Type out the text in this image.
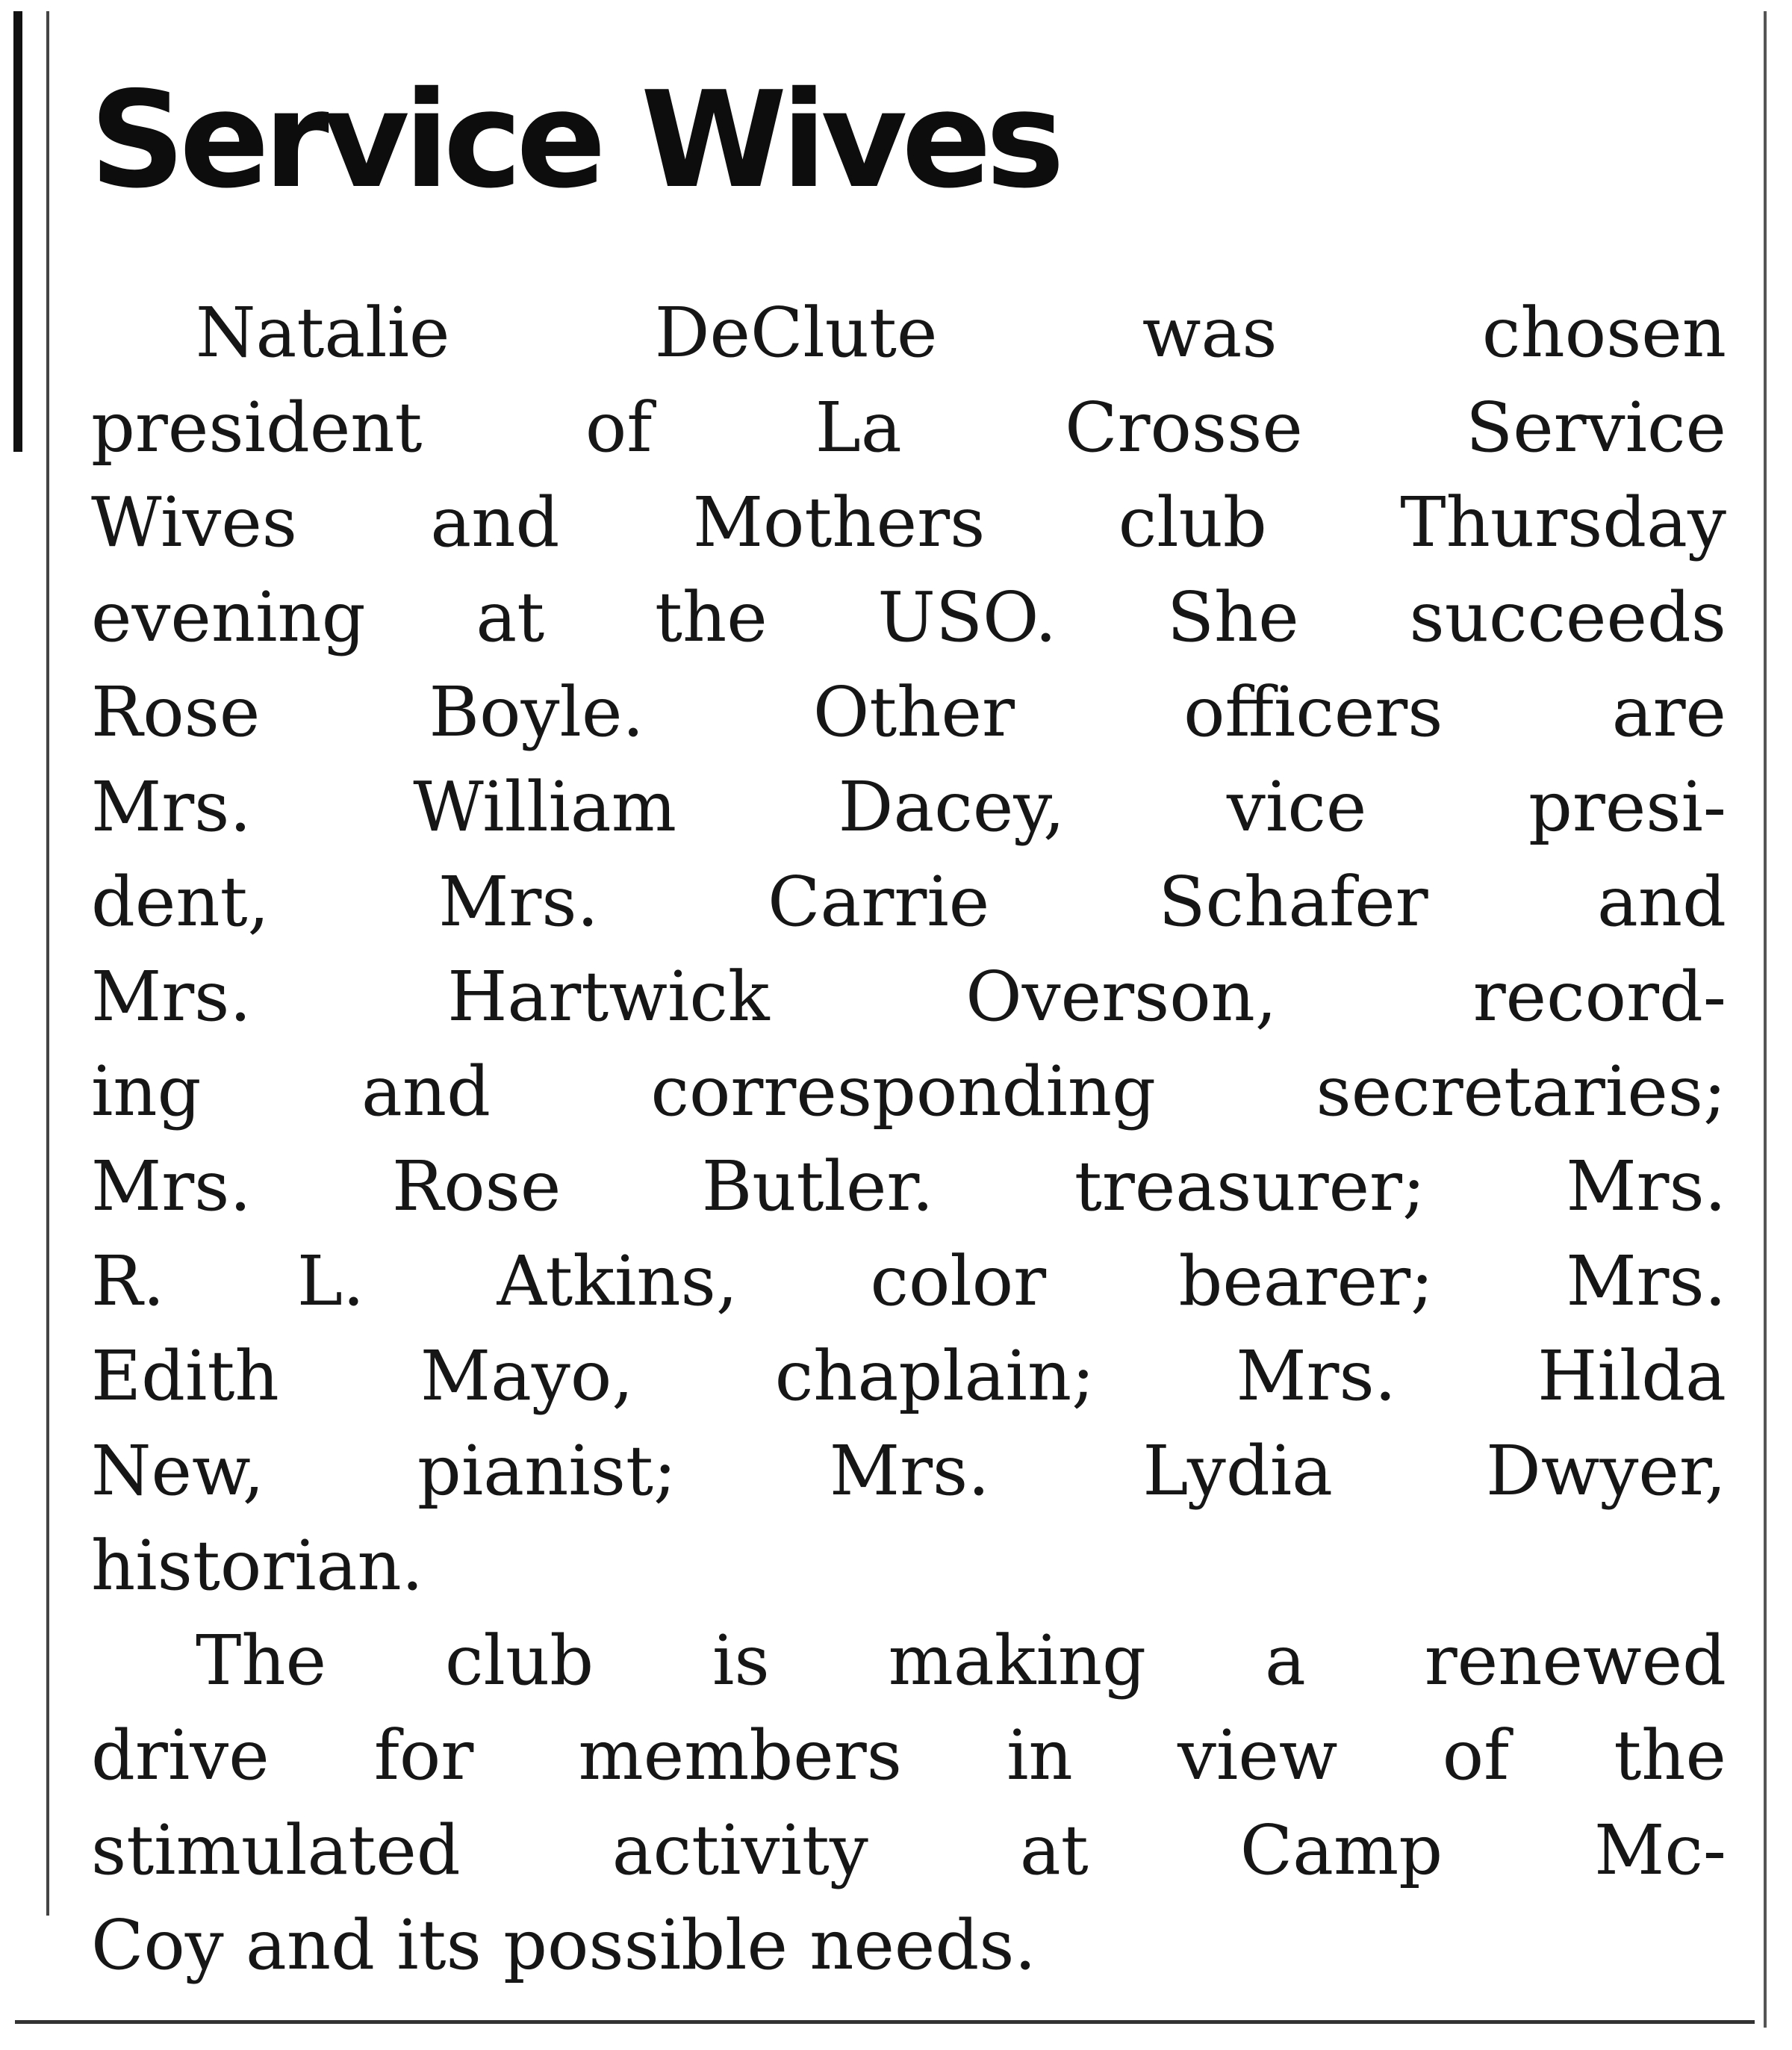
Service Wives
Natalie DeClute was chosen
president of La Crosse Service
Wives and Mothers club Thursday
evening at the USO. She succeeds
Rose Boyle. Other officers are
Mrs. William Dacey, vice presi-
dent, Mrs. Carrie Schafer and
Mrs. Hartwick Overson, record-
ing and corresponding secretaries;
Mrs. Rose Butler. treasurer; Mrs.
R. L. Atkins, color bearer; Mrs.
Edith Mayo, chaplain; Mrs. Hilda
New, pianist; Mrs. Lydia Dwyer,
historian.
The club is making a renewed
drive for members in view of the
stimulated activity at Camp Mc-
Coy and its possible needs.
